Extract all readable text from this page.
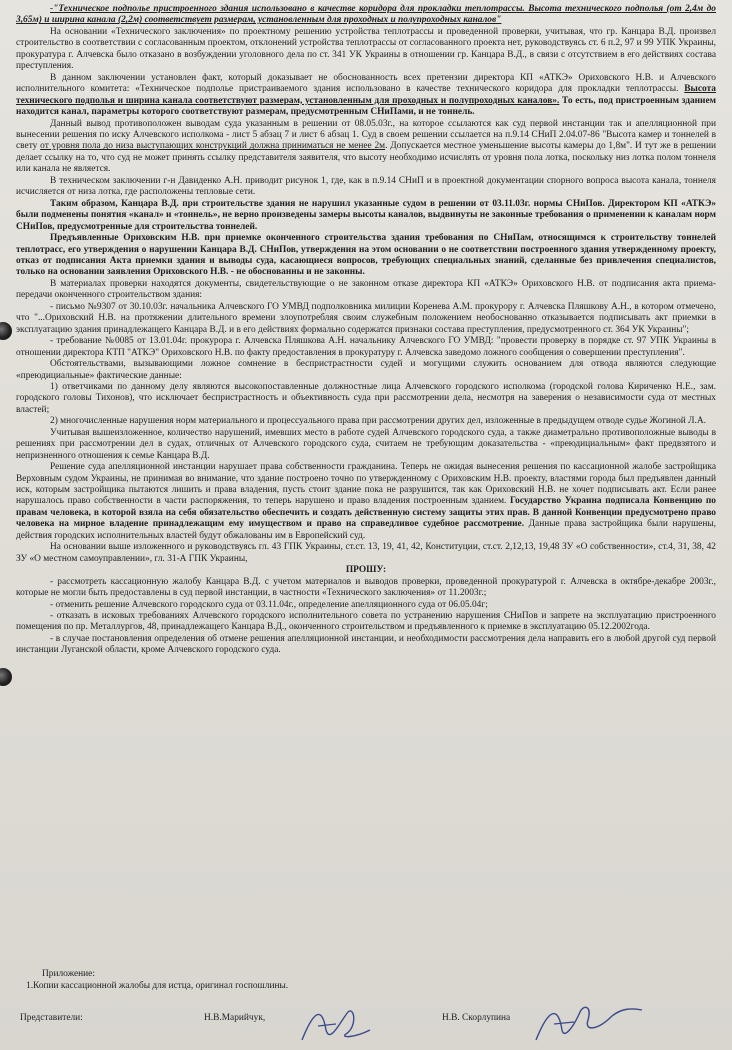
-"Техническое подполье пристроенного здания использовано в качестве коридора для прокладки теплотрассы. Высота технического подполья (от 2,4м до 3,65м) и ширина канала (2,2м) соответствует размерам, установленным для проходных и полупроходных каналов"

На основании «Технического заключения» по проектному решению устройства теплотрассы и проведенной проверки, учитывая, что гр. Канцара В.Д. произвел строительство в соответствии с согласованным проектом, отклонений устройства теплотрассы от согласованного проекта нет, руководствуясь ст. 6 п.2, 97 и 99 УПК Украины, прокуратура г. Алчевска было отказано в возбуждении уголовного дела по ст. 341 УК Украины в отношении гр. Канцара В.Д., в связи с отсутствием в его действиях состава преступления.

В данном заключении установлен факт, который доказывает не обоснованность всех претензии директора КП «АТКЭ» Ориховского Н.В. и Алчевского исполнительного комитета: «Техническое подполье пристраиваемого здания использовано в качестве технического коридора для прокладки теплотрассы. Высота технического подполья и ширина канала соответствуют размерам, установленным для проходных и полупроходных каналов». То есть, под пристроенным зданием находится канал, параметры которого соответствуют размерам, предусмотренным СНиПами, и не тоннель.

Данный вывод противоположен выводам суда указанным в решении от 08.05.03г., на которое ссылаются как суд первой инстанции так и апелляционной при вынесении решения по иску Алчевского исполкома - лист 5 абзац 7 и лист 6 абзац 1. Суд в своем решении ссылается на п.9.14 СНиП 2.04.07-86 "Высота камер и тоннелей в свету от уровня пола до низа выступающих конструкций должна приниматься не менее 2м. Допускается местное уменьшение высоты камеры до 1,8м". И тут же в решении делает ссылку на то, что суд не может принять ссылку представителя заявителя, что высоту необходимо исчислять от уровня пола лотка, поскольку низ лотка полом тоннеля или канала не является.

В техническом заключении г-н Давиденко А.Н. приводит рисунок 1, где, как в п.9.14 СНиП и в проектной документации спорного вопроса высота канала, тоннеля исчисляется от низа лотка, где расположены тепловые сети.

Таким образом, Канцара В.Д. при строительстве здания не нарушил указанные судом в решении от 03.11.03г. нормы СНиПов. Директором КП «АТКЭ» были подменены понятия «канал» и «тоннель», не верно произведены замеры высоты каналов, выдвинуты не законные требования о применении к каналам норм СНиПов, предусмотренные для строительства тоннелей.

Предъявленные Ориховским Н.В. при приемке оконченного строительства здания требования по СНиПам, относящимся к строительству тоннелей теплотрасс, его утверждения о нарушении Канцара В.Д. СНиПов, утверждения на этом основании о не соответствии построенного здания утвержденному проекту, отказ от подписания Акта приемки здания и выводы суда, касающиеся вопросов, требующих специальных знаний, сделанные без привлечения специалистов, только на основании заявления Ориховского Н.В. - не обоснованны и не законны.

В материалах проверки находятся документы, свидетельствующие о не законном отказе директора КП «АТКЭ» Ориховского Н.В. от подписания акта приема-передачи оконченного строительством здания:

- письмо №9307 от 30.10.03г. начальника Алчевского ГО УМВД подполковника милиции Коренева А.М. прокурору г. Алчевска Пляшкову А.Н., в котором отмечено, что "...Ориховский Н.В. на протяжении длительного времени злоупотребляя своим служебным положением необоснованно отказывается подписывать акт приемки в эксплуатацию здания принадлежащего Канцара В.Д. и в его действиях формально содержатся признаки состава преступления, предусмотренного ст. 364 УК Украины";

- требование №0085 от 13.01.04г. прокурора г. Алчевска Пляшкова А.Н. начальнику Алчевского ГО УМВД: "провести проверку в порядке ст. 97 УПК Украины в отношении директора КТП "АТКЭ" Ориховского Н.В. по факту предоставления в прокуратуру г. Алчевска заведомо ложного сообщения о совершении преступления".

Обстоятельствами, вызывающими ложное сомнение в беспристрастности судей и могущими служить основанием для отвода являются следующие «преюдициальные» фактические данные:

1) ответчиками по данному делу являются высокопоставленные должностные лица Алчевского городского исполкома (городской голова Кириченко Н.Е., зам. городского головы Тихонов), что исключает беспристрастность и объективность суда при рассмотрении дела, несмотря на заверения о независимости суда от местных властей;

2) многочисленные нарушения норм материального и процессуального права при рассмотрении других дел, изложенные в предыдущем отводе судье Жогиной Л.А.

Учитывая вышеизложенное, количество нарушений, имевших место в работе судей Алчевского городского суда, а также диаметрально противоположные выводы в решениях при рассмотрении дел в судах, отличных от Алчевского городского суда, считаем не требующим доказательства - «преюдициальным» факт предвзятого и непризненного отношения к семье Канцара В.Д.

Решение суда апелляционной инстанции нарушает права собственности гражданина. Теперь не ожидая вынесения решения по кассационной жалобе застройщика Верховным судом Украины, не принимая во внимание, что здание построено точно по утвержденному с Ориховским Н.В. проекту, властями города был предъявлен данный иск, которым застройщика пытаются лишить и права владения, пусть стоит здание пока не разрушится, так как Ориховский Н.В. не хочет подписывать акт. Если ранее нарушалось право собственности в части распоряжения, то теперь нарушено и право владения построенным зданием. Государство Украина подписала Конвенцию по правам человека, в которой взяла на себя обязательство обеспечить и создать действенную систему защиты этих прав. В данной Конвенции предусмотрено право человека на мирное владение принадлежащим ему имуществом и право на справедливое судебное рассмотрение. Данные права застройщика были нарушены, действия городских исполнительных властей будут обжалованы им в Европейский суд.

На основании выше изложенного и руководствуясь гл. 43 ГПК Украины, ст.ст. 13, 19, 41, 42, Конституции, ст.ст. 2,12,13, 19,48 ЗУ «О собственности», ст.4, 31, 38, 42 ЗУ «О местном самоуправлении», гл. 31-А ГПК Украины,

ПРОШУ:

- рассмотреть кассационную жалобу Канцара В.Д. с учетом материалов и выводов проверки, проведенной прокуратурой г. Алчевска в октябре-декабре 2003г., которые не могли быть предоставлены в суд первой инстанции, в частности «Технического заключения» от 11.2003г.;

- отменить решение Алчевского городского суда от 03.11.04г., определение апелляционного суда от 06.05.04г;

- отказать в исковых требованиях Алчевского городского исполнительного совета по устранению нарушения СНиПов и запрете на эксплуатацию пристроенного помещения по пр. Металлургов, 48, принадлежащего Канцара В.Д., оконченного строительством и предъявленного к приемке в эксплуатацию 05.12.2002года.

- в случае постановления определения об отмене решения апелляционной инстанции, и необходимости рассмотрения дела направить его в любой другой суд первой инстанции Луганской области, кроме Алчевского городского суда.

Приложение:
1.Копии кассационной жалобы для истца, оригинал госпошлины.
Представители:	Н.В.Марийчук,	Н.В. Скорлупина
